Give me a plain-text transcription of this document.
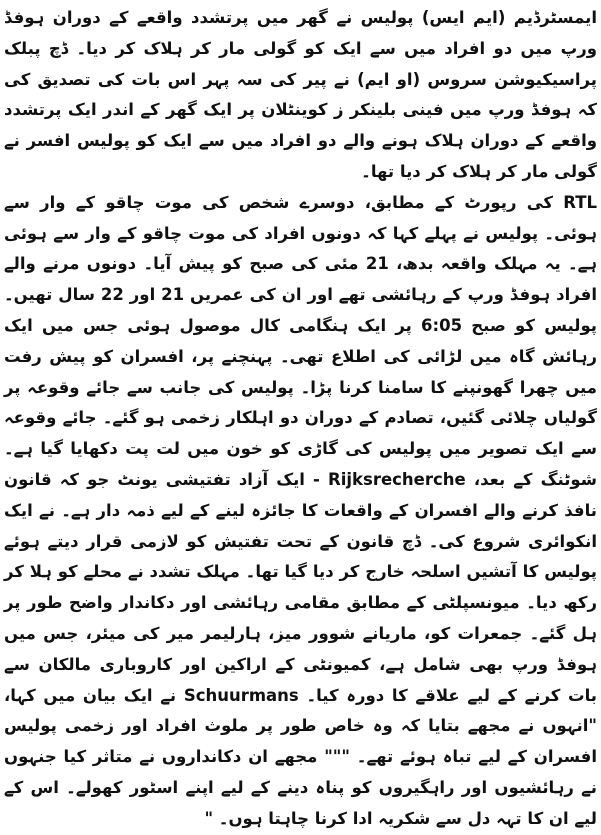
ایمسٹرڈیم (ایم ایس) پولیس نے گھر میں پرتشدد واقعے کے دوران ہوفڈ ورپ میں دو افراد میں سے ایک کو گولی مار کر ہلاک کر دیا۔ ڈچ پبلک پراسیکیوشن سروس (او ایم) نے پیر کی سہ پہر اس بات کی تصدیق کی کہ ہوفڈ ورپ میں فینی بلینکر ز کوینٹلان پر ایک گھر کے اندر ایک پرتشدد واقعے کے دوران ہلاک ہونے والے دو افراد میں سے ایک کو پولیس افسر نے گولی مار کر ہلاک کر دیا تھا۔

RTL کی رپورٹ کے مطابق، دوسرے شخص کی موت چاقو کے وار سے ہوئی۔ پولیس نے پہلے کہا کہ دونوں افراد کی موت چاقو کے وار سے ہوئی ہے۔ یہ مہلک واقعہ بدھ، 21 مئی کی صبح کو پیش آیا۔ دونوں مرنے والے افراد ہوفڈ ورپ کے رہائشی تھے اور ان کی عمریں 21 اور 22 سال تھیں۔ پولیس کو صبح 6:05 پر ایک ہنگامی کال موصول ہوئی جس میں ایک رہائش گاہ میں لڑائی کی اطلاع تھی۔ پہنچنے پر، افسران کو پیش رفت میں چھرا گھونپنے کا سامنا کرنا پڑا۔ پولیس کی جانب سے جائے وقوعہ پر گولیاں چلائی گئیں، تصادم کے دوران دو اہلکار زخمی ہو گئے۔ جائے وقوعہ سے ایک تصویر میں پولیس کی گاڑی کو خون میں لت پت دکھایا گیا ہے۔ شوٹنگ کے بعد، Rijksrecherche - ایک آزاد تفتیشی یونٹ جو کہ قانون نافذ کرنے والے افسران کے واقعات کا جائزہ لینے کے لیے ذمہ دار ہے۔ نے ایک انکوائری شروع کی۔ ڈچ قانون کے تحت تفتیش کو لازمی قرار دیتے ہوئے پولیس کا آتشیں اسلحہ خارج کر دیا گیا تھا۔ مہلک تشدد نے محلے کو ہلا کر رکھ دیا۔ میونسپلٹی کے مطابق مقامی رہائشی اور دکاندار واضح طور پر ہل گئے۔ جمعرات کو، ماریانے شوور میز، ہارلیمر میر کی میئر، جس میں ہوفڈ ورپ بھی شامل ہے، کمیونٹی کے اراکین اور کاروباری مالکان سے بات کرنے کے لیے علاقے کا دورہ کیا۔ Schuurmans نے ایک بیان میں کہا، "انہوں نے مجھے بتایا کہ وہ خاص طور پر ملوث افراد اور زخمی پولیس افسران کے لیے تباہ ہوئے تھے۔ """ مجھے ان دکانداروں نے متاثر کیا جنہوں نے رہائشیوں اور راہگیروں کو پناہ دینے کے لیے اپنے اسٹور کھولے۔ اس کے لیے ان کا تہہ دل سے شکریہ ادا کرنا چاہتا ہوں۔ "
